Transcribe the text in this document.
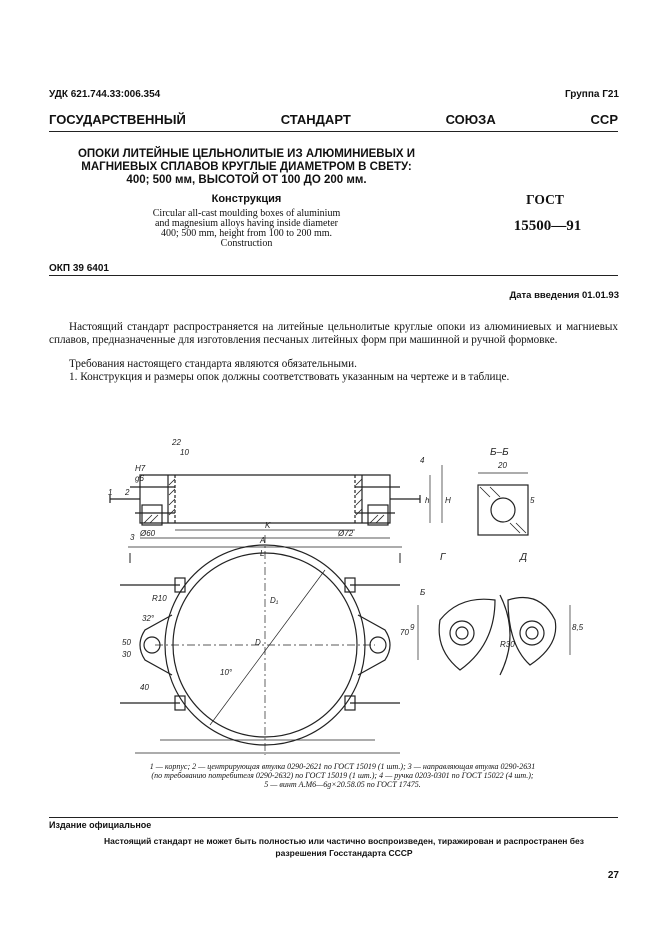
УДК 621.744.33:006.354	Группа Г21
ГОСУДАРСТВЕННЫЙ	СТАНДАРТ	СОЮЗА	ССР
ОПОКИ ЛИТЕЙНЫЕ ЦЕЛЬНОЛИТЫЕ ИЗ АЛЮМИНИЕВЫХ И
МАГНИЕВЫХ СПЛАВОВ КРУГЛЫЕ ДИАМЕТРОМ В СВЕТУ:
400; 500 мм, ВЫСОТОЙ ОТ 100 ДО 200 мм.
Конструкция
Circular all-cast moulding boxes of aluminium
and magnesium alloys having inside diameter
400; 500 mm, height from 100 to 200 mm.
Construction
ГОСТ
15500—91
ОКП 39 6401
Дата введения 01.01.93
Настоящий стандарт распространяется на литейные цельнолитые круглые опоки из алюминиевых и магниевых сплавов, предназначенные для изготовления песчаных литейных форм при машинной и ручной формовке.
Требования настоящего стандарта являются обязательными.
1. Конструкция и размеры опок должны соответствовать указанным на чертеже и в таблице.
22
10
4
3
5
1 2
Н7
g6
Ø60	Ø72
А
L
h H
K
D
D₁
R10
R30
32°
10°
40
50
30
70
20
Б–Б
Г	Д
Б
9	8,5
1 — корпус; 2 — центрирующая втулка 0290-2621 по ГОСТ 15019 (1 шт.); 3 — направляющая втулка 0290-2631
(по требованию потребителя 0290-2632) по ГОСТ 15019 (1 шт.); 4 — ручка 0203-0301 по ГОСТ 15022 (4 шт.);
5 — винт А.М6—6g×20.58.05 по ГОСТ 17475.
Издание официальное
Настоящий стандарт не может быть полностью или частично воспроизведен, тиражирован и распространен без
разрешения Госстандарта СССР
27
